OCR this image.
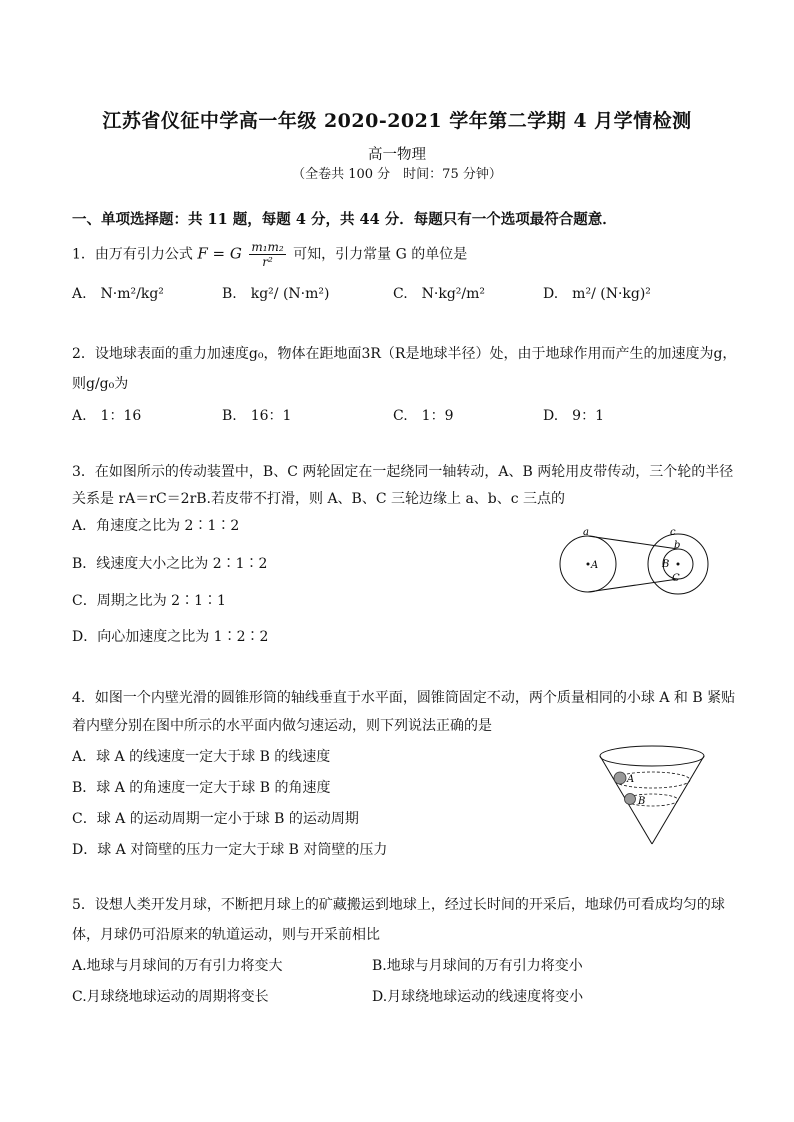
江苏省仪征中学高一年级 2020-2021 学年第二学期 4 月学情检测
高一物理
（全卷共 100 分　时间：75 分钟）
一、单项选择题：共 11 题，每题 4 分，共 44 分．每题只有一个选项最符合题意．
1．由万有引力公式 F = G $\frac{\text{m₁m₂}}{\text{r²}}$ 可知，引力常量 G 的单位是
A.　N·m²/kg²	B.　kg²/ (N·m²)	C.　N·kg²/m²	D.　m²/ (N·kg)²
2．设地球表面的重力加速度g₀，物体在距地面3R（R是地球半径）处，由于地球作用而产生的加速度为g，
则g/g₀为
A.　1：16	B.　16：1	C.　1：9	D.　9：1
3．在如图所示的传动装置中，B、C 两轮固定在一起绕同一轴转动，A、B 两轮用皮带传动，三个轮的半径
关系是 rA＝rC＝2rB.若皮带不打滑，则 A、B、C 三轮边缘上 a、b、c 三点的
A．角速度之比为 2∶1∶2
B．线速度大小之比为 2∶1∶2
C．周期之比为 2∶1∶1
D．向心加速度之比为 1∶2∶2
a
A
b
c
B
C
4．如图一个内壁光滑的圆锥形筒的轴线垂直于水平面，圆锥筒固定不动，两个质量相同的小球 A 和 B 紧贴
着内壁分别在图中所示的水平面内做匀速运动，则下列说法正确的是
A．球 A 的线速度一定大于球 B 的线速度
B．球 A 的角速度一定大于球 B 的角速度
C．球 A 的运动周期一定小于球 B 的运动周期
D．球 A 对筒壁的压力一定大于球 B 对筒壁的压力
A
B
5．设想人类开发月球，不断把月球上的矿藏搬运到地球上，经过长时间的开采后，地球仍可看成均匀的球
体，月球仍可沿原来的轨道运动，则与开采前相比
A.地球与月球间的万有引力将变大	B.地球与月球间的万有引力将变小
C.月球绕地球运动的周期将变长	D.月球绕地球运动的线速度将变小
